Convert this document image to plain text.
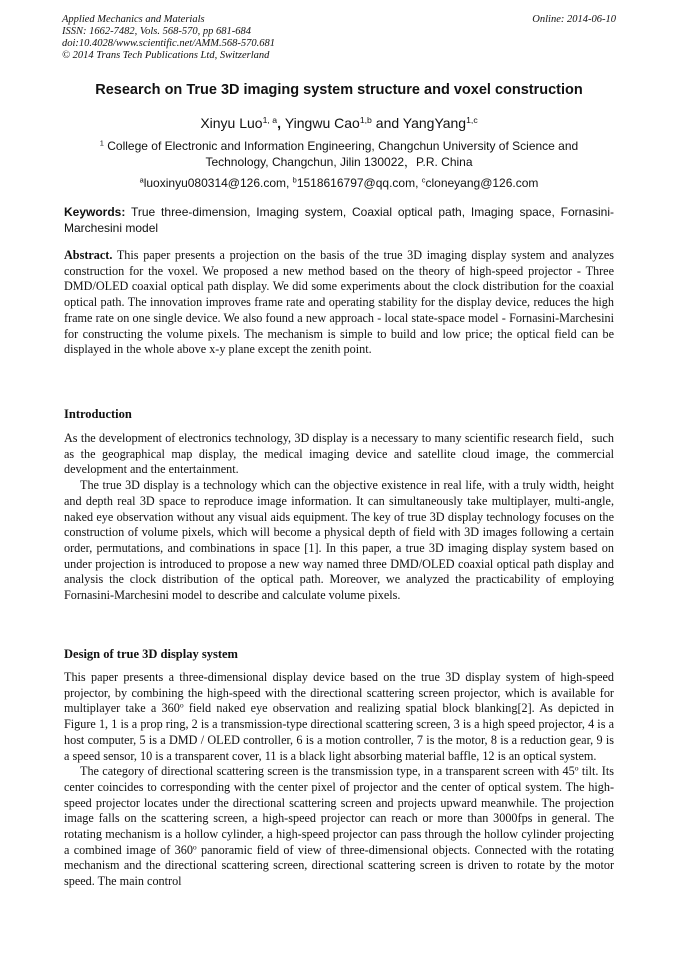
Applied Mechanics and Materials
ISSN: 1662-7482, Vols. 568-570, pp 681-684
doi:10.4028/www.scientific.net/AMM.568-570.681
© 2014 Trans Tech Publications Ltd, Switzerland
Online: 2014-06-10
Research on True 3D imaging system structure and voxel construction
Xinyu Luo$^{1, a}$, Yingwu Cao$^{1,b}$ and YangYang$^{1,c}$
$^1$ College of Electronic and Information Engineering, Changchun University of Science and Technology, Changchun, Jilin 130022，P.R. China
$^a$luoxinyu080314@126.com, $^b$1518616797@qq.com, $^c$cloneyang@126.com
Keywords: True three-dimension, Imaging system, Coaxial optical path, Imaging space, Fornasini-Marchesini model

Abstract. This paper presents a projection on the basis of the true 3D imaging display system and analyzes construction for the voxel. We proposed a new method based on the theory of high-speed projector - Three DMD/OLED coaxial optical path display. We did some experiments about the clock distribution for the coaxial optical path. The innovation improves frame rate and operating stability for the display device, reduces the high frame rate on one single device. We also found a new approach - local state-space model - Fornasini-Marchesini for constructing the volume pixels. The mechanism is simple to build and low price; the optical field can be displayed in the whole above x-y plane except the zenith point.

Introduction

As the development of electronics technology, 3D display is a necessary to many scientific research field，such as the geographical map display, the medical imaging device and satellite cloud image, the commercial development and the entertainment.

The true 3D display is a technology which can the objective existence in real life, with a truly width, height and depth real 3D space to reproduce image information. It can simultaneously take multiplayer, multi-angle, naked eye observation without any visual aids equipment. The key of true 3D display technology focuses on the construction of volume pixels, which will become a physical depth of field with 3D images following a certain order, permutations, and combinations in space [1]. In this paper, a true 3D imaging display system based on under projection is introduced to propose a new way named three DMD/OLED coaxial optical path display and analysis the clock distribution of the optical path. Moreover, we analyzed the practicability of employing Fornasini-Marchesini model to describe and calculate volume pixels.

Design of true 3D display system

This paper presents a three-dimensional display device based on the true 3D display system of high-speed projector, by combining the high-speed with the directional scattering screen projector, which is available for multiplayer take a 360$^o$ field naked eye observation and realizing spatial block blanking[2]. As depicted in Figure 1, 1 is a prop ring, 2 is a transmission-type directional scattering screen, 3 is a high speed projector, 4 is a host computer, 5 is a DMD / OLED controller, 6 is a motion controller, 7 is the motor, 8 is a reduction gear, 9 is a speed sensor, 10 is a transparent cover, 11 is a black light absorbing material baffle, 12 is an optical system.

The category of directional scattering screen is the transmission type, in a transparent screen with 45$^o$ tilt. Its center coincides to corresponding with the center pixel of projector and the center of optical system. The high-speed projector locates under the directional scattering screen and projects upward meanwhile. The projection image falls on the scattering screen, a high-speed projector can reach or more than 3000fps in general. The rotating mechanism is a hollow cylinder, a high-speed projector can pass through the hollow cylinder projecting a combined image of 360$^o$ panoramic field of view of three-dimensional objects. Connected with the rotating mechanism and the directional scattering screen, directional scattering screen is driven to rotate by the motor speed. The main control
